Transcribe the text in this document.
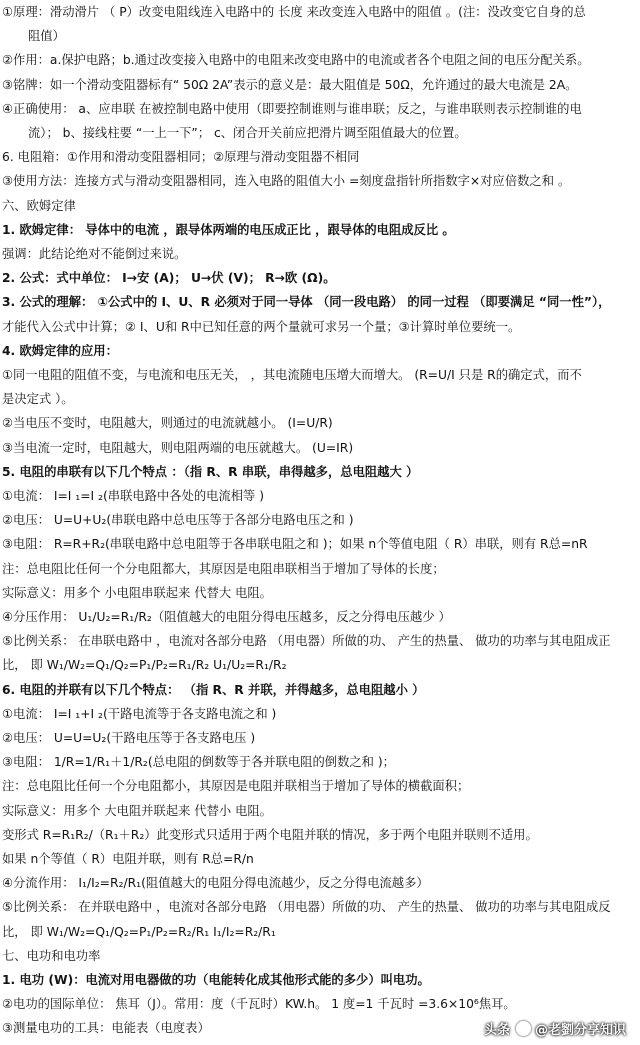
①原理：滑动滑片 （ P）改变电阻线连入电路中的 长度 来改变连入电路中的阻值 。(注：没改变它自身的总
阻值）
②作用：a.保护电路；b.通过改变接入电路中的电阻来改变电路中的电流或者各个电阻之间的电压分配关系。
③铭牌：如一个滑动变阻器标有“ 50Ω 2A”表示的意义是：最大阻值是 50Ω，允许通过的最大电流是 2A。
④正确使用： a、应串联 在被控制电路中使用（即要控制谁则与谁串联；反之，与谁串联则表示控制谁的电
流）； b、接线柱要 “一上一下”； c、闭合开关前应把滑片调至阻值最大的位置。
6. 电阻箱：①作用和滑动变阻器相同；②原理与滑动变阻器不相同
③使用方法：连接方式与滑动变阻器相同，连入电路的阻值大小 =刻度盘指针所指数字×对应倍数之和 。
六、欧姆定律
1. 欧姆定律： 导体中的电流 ，跟导体两端的电压成正比 ，跟导体的电阻成反比 。
强调：此结论绝对不能倒过来说。
2. 公式：式中单位： I→安 (A)； U→伏 (V)； R→欧 (Ω)。
3. 公式的理解： ①公式中的 I、U、R 必须对于同一导体 （同一段电路） 的同一过程 （即要满足 “同一性”），
才能代入公式中计算；② I、U和 R中已知任意的两个量就可求另一个量；③计算时单位要统一。
4. 欧姆定律的应用：
①同一电阻的阻值不变，与电流和电压无关， ，其电流随电压增大而增大。 (R=U/I 只是 R的确定式，而不
是决定式 ）。
②当电压不变时，电阻越大，则通过的电流就越小。 (I=U/R)
③当电流一定时，电阻越大，则电阻两端的电压就越大。 (U=IR)
5. 电阻的串联有以下几个特点 ：（指 R、R 串联，串得越多，总电阻越大 ）
①电流： I=I ₁=I ₂(串联电路中各处的电流相等 )
②电压： U=U+U₂(串联电路中总电压等于各部分电路电压之和 )
③电阻： R=R+R₂(串联电路中总电阻等于各串联电阻之和 )；如果 n个等值电阻（ R）串联，则有 R总=nR
注：总电阻比任何一个分电阻都大，其原因是电阻串联相当于增加了导体的长度；
实际意义：用多个 小电阻串联起来 代替大 电阻。
④分压作用： U₁/U₂=R₁/R₂（阻值越大的电阻分得电压越多，反之分得电压越少 ）
⑤比例关系： 在串联电路中 ，电流对各部分电路 （用电器）所做的功、 产生的热量、 做功的功率与其电阻成正
比， 即 W₁/W₂=Q₁/Q₂=P₁/P₂=R₁/R₂ U₁/U₂=R₁/R₂
6. 电阻的并联有以下几个特点： （指 R、R 并联，并得越多，总电阻越小 ）
①电流： I=I ₁+I ₂(干路电流等于各支路电流之和 )
②电压： U=U=U₂(干路电压等于各支路电压 )
③电阻： 1/R=1/R₁＋1/R₂(总电阻的倒数等于各并联电阻的倒数之和 )；
注：总电阻比任何一个分电阻都小，其原因是电阻并联相当于增加了导体的横截面积；
实际意义：用多个 大电阻并联起来 代替小 电阻。
变形式 R=R₁R₂/（R₁＋R₂）此变形式只适用于两个电阻并联的情况，多于两个电阻并联则不适用。
如果 n个等值（ R）电阻并联，则有 R总=R/n
④分流作用： I₁/I₂=R₂/R₁(阻值越大的电阻分得电流越少，反之分得电流越多）
⑤比例关系： 在并联电路中 ，电流对各部分电路 （用电器）所做的功、 产生的热量、 做功的功率与其电阻成反
比， 即 W₁/W₂=Q₁/Q₂=P₁/P₂=R₂/R₁ I₁/I₂=R₂/R₁
七、电功和电功率
1. 电功 (W)：电流对用电器做的功（电能转化成其他形式能的多少）叫电功。
②电功的国际单位： 焦耳（J）。常用：度（千瓦时）KW.h。 1 度=1 千瓦时 =3.6×10⁶焦耳。
③测量电功的工具：电能表（电度表）	头条 @老劉分享知识
